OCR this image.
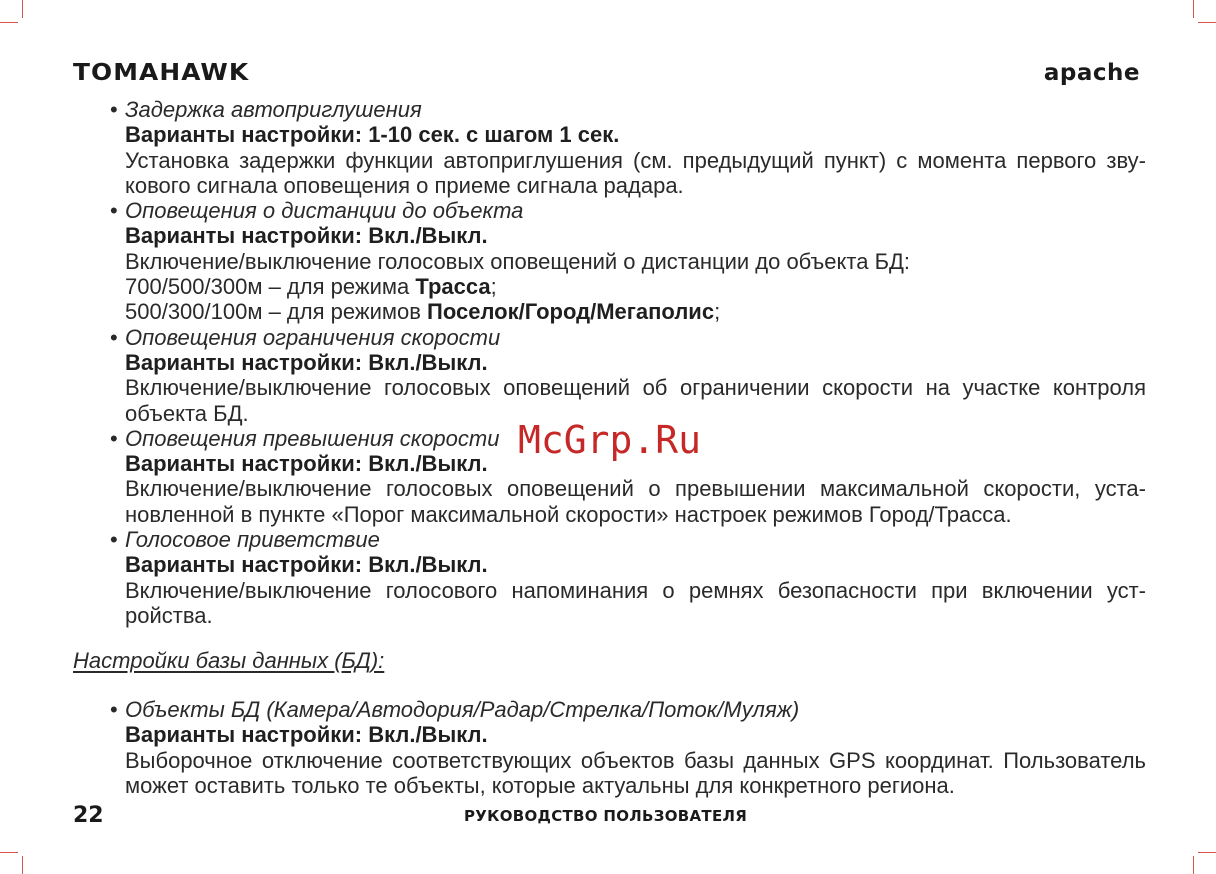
TOMAHAWK	apache
• Задержка автоприглушения
Варианты настройки: 1-10 сек. с шагом 1 сек.
Установка задержки функции автоприглушения (см. предыдущий пункт) с момента первого зву-кового сигнала оповещения о приеме сигнала радара.
• Оповещения о дистанции до объекта
Варианты настройки: Вкл./Выкл.
Включение/выключение голосовых оповещений о дистанции до объекта БД:
700/500/300м – для режима Трасса;
500/300/100м – для режимов Поселок/Город/Мегаполис;
• Оповещения ограничения скорости
Варианты настройки: Вкл./Выкл.
Включение/выключение голосовых оповещений об ограничении скорости на участке контроля объекта БД.
• Оповещения превышения скорости
Варианты настройки: Вкл./Выкл.
Включение/выключение голосовых оповещений о превышении максимальной скорости, уста-новленной в пункте «Порог максимальной скорости» настроек режимов Город/Трасса.
• Голосовое приветствие
Варианты настройки: Вкл./Выкл.
Включение/выключение голосового напоминания о ремнях безопасности при включении уст-ройства.
Настройки базы данных (БД):
• Объекты БД (Камера/Автодория/Радар/Стрелка/Поток/Муляж)
Варианты настройки: Вкл./Выкл.
Выборочное отключение соответствующих объектов базы данных GPS координат. Пользователь может оставить только те объекты, которые актуальны для конкретного региона.
McGrp.Ru
22	РУКОВОДСТВО ПОЛЬЗОВАТЕЛЯ
